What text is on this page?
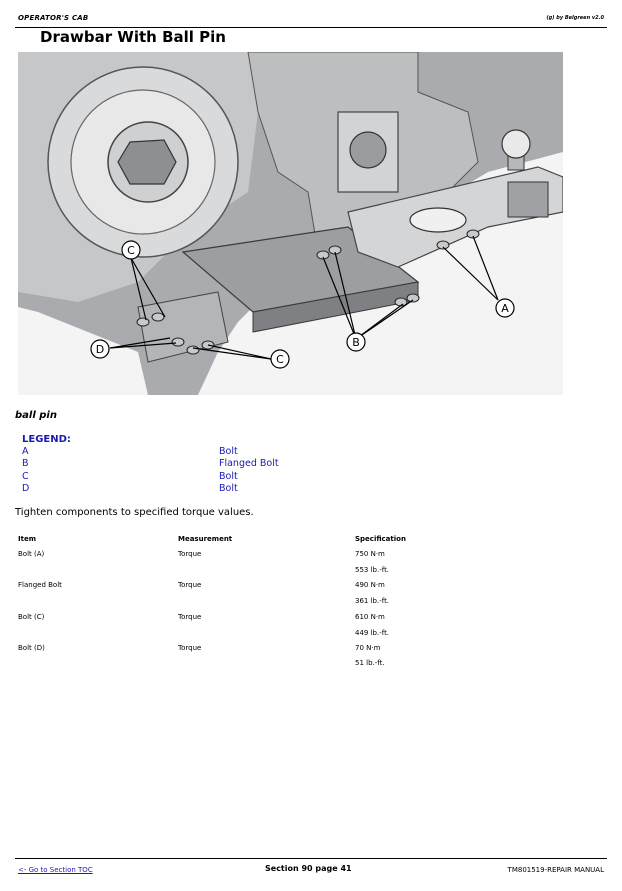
OPERATOR'S CAB	(g) by Belgreen v2.0
Drawbar With Ball Pin
C
D
C
B
A
ball pin
LEGEND:
A	Bolt
B	Flanged Bolt
C	Bolt
D	Bolt
Tighten components to specified torque values.
Item	Measurement	Specification
Bolt (A)	Torque	750 N·m
553 lb.-ft.
Flanged Bolt	Torque	490 N·m
361 lb.-ft.
Bolt (C)	Torque	610 N·m
449 lb.-ft.
Bolt (D)	Torque	70 N·m
51 lb.-ft.
<- Go to Section TOC	Section 90 page 41	TM801519-REPAIR MANUAL
